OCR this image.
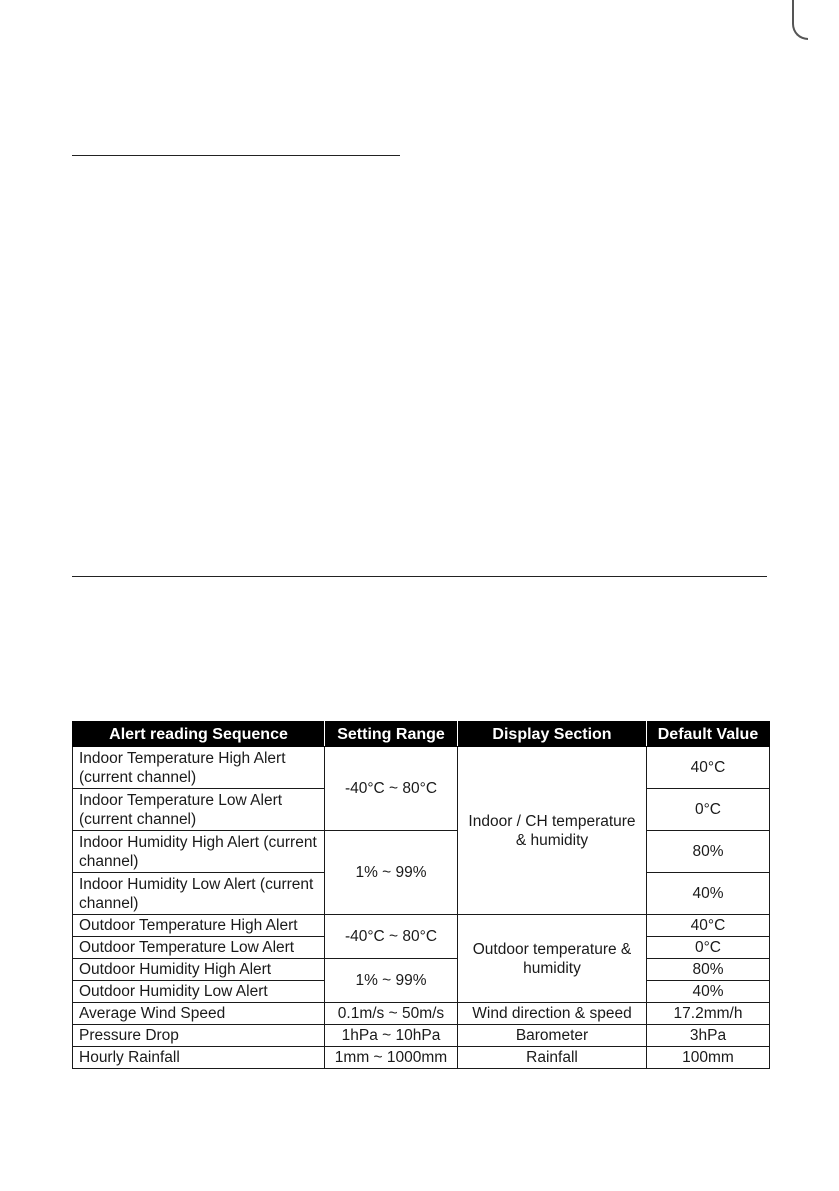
Alert reading Sequence	Setting Range	Display Section	Default Value
Indoor Temperature High Alert (current channel)	-40°C ~ 80°C	Indoor / CH temperature & humidity	40°C
Indoor Temperature Low Alert (current channel)			0°C
Indoor Humidity High Alert (current channel)	1% ~ 99%		80%
Indoor Humidity Low Alert (current channel)			40%
Outdoor Temperature High Alert	-40°C ~ 80°C	Outdoor temperature & humidity	40°C
Outdoor Temperature Low Alert			0°C
Outdoor Humidity High Alert	1% ~ 99%		80%
Outdoor Humidity Low Alert			40%
Average Wind Speed	0.1m/s ~ 50m/s	Wind direction & speed	17.2mm/h
Pressure Drop	1hPa ~ 10hPa	Barometer	3hPa
Hourly Rainfall	1mm ~ 1000mm	Rainfall	100mm
